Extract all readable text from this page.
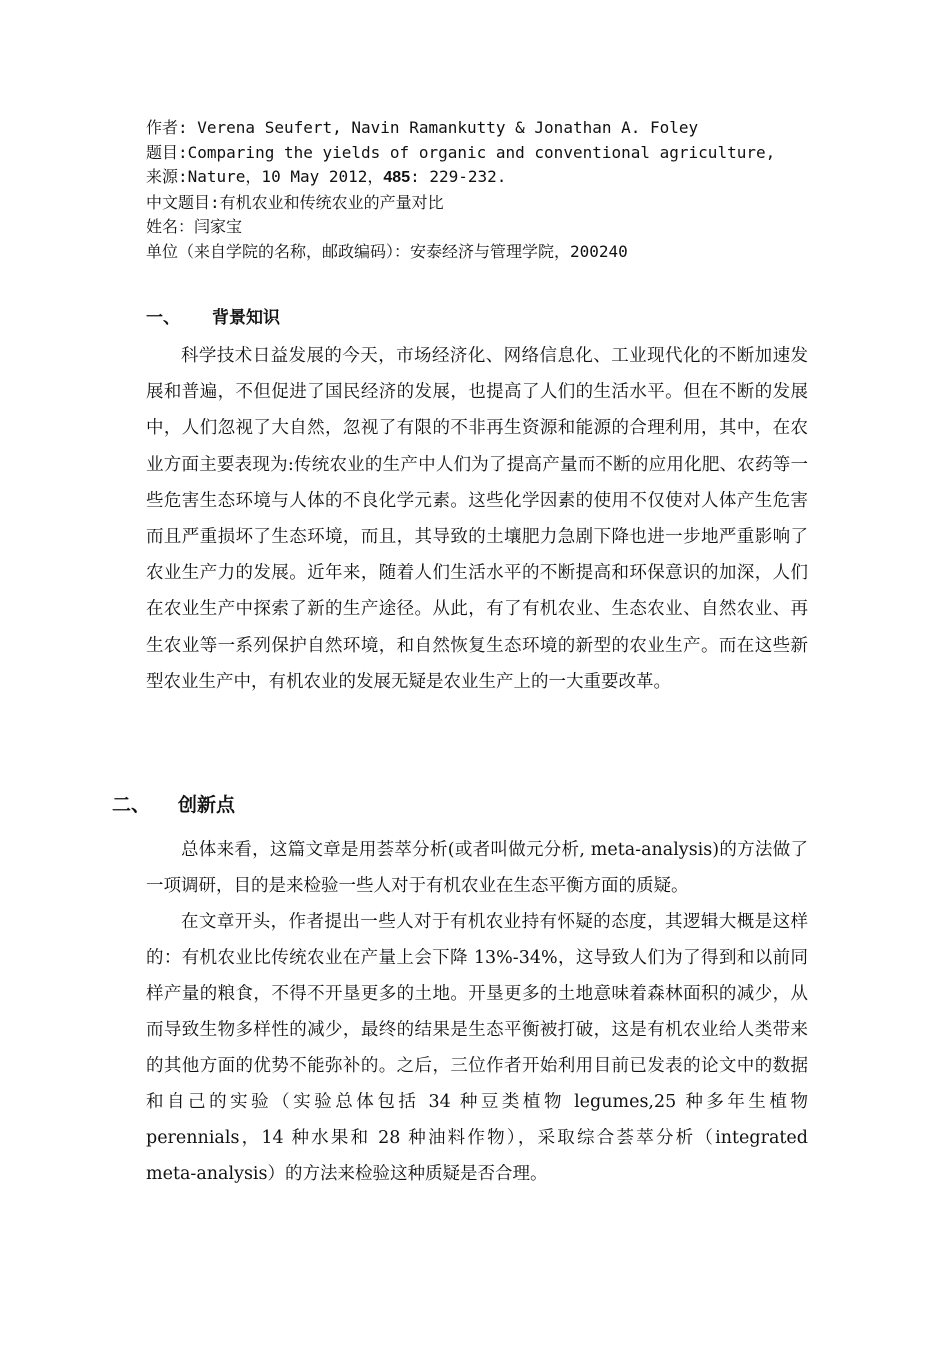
作者: Verena Seufert, Navin Ramankutty & Jonathan A. Foley
题目:Comparing the yields of organic and conventional agriculture,
来源:Nature，10 May 2012，485: 229-232.
中文题目:有机农业和传统农业的产量对比
姓名：闫家宝
单位（来自学院的名称，邮政编码）：安泰经济与管理学院，200240
一、 背景知识
科学技术日益发展的今天，市场经济化、网络信息化、工业现代化的不断加速发展和普遍，不但促进了国民经济的发展，也提高了人们的生活水平。但在不断的发展中，人们忽视了大自然，忽视了有限的不非再生资源和能源的合理利用，其中，在农业方面主要表现为:传统农业的生产中人们为了提高产量而不断的应用化肥、农药等一些危害生态环境与人体的不良化学元素。这些化学因素的使用不仅使对人体产生危害而且严重损坏了生态环境，而且，其导致的土壤肥力急剧下降也进一步地严重影响了农业生产力的发展。近年来，随着人们生活水平的不断提高和环保意识的加深，人们在农业生产中探索了新的生产途径。从此，有了有机农业、生态农业、自然农业、再生农业等一系列保护自然环境，和自然恢复生态环境的新型的农业生产。而在这些新型农业生产中，有机农业的发展无疑是农业生产上的一大重要改革。
二、 创新点
总体来看，这篇文章是用荟萃分析(或者叫做元分析, meta-analysis)的方法做了一项调研，目的是来检验一些人对于有机农业在生态平衡方面的质疑。
在文章开头，作者提出一些人对于有机农业持有怀疑的态度，其逻辑大概是这样的：有机农业比传统农业在产量上会下降 13%-34%，这导致人们为了得到和以前同样产量的粮食，不得不开垦更多的土地。开垦更多的土地意味着森林面积的减少，从而导致生物多样性的减少，最终的结果是生态平衡被打破，这是有机农业给人类带来的其他方面的优势不能弥补的。之后，三位作者开始利用目前已发表的论文中的数据和自己的实验（实验总体包括 34 种豆类植物 legumes,25 种多年生植物 perennials，14 种水果和 28 种油料作物），采取综合荟萃分析（integrated meta-analysis）的方法来检验这种质疑是否合理。
